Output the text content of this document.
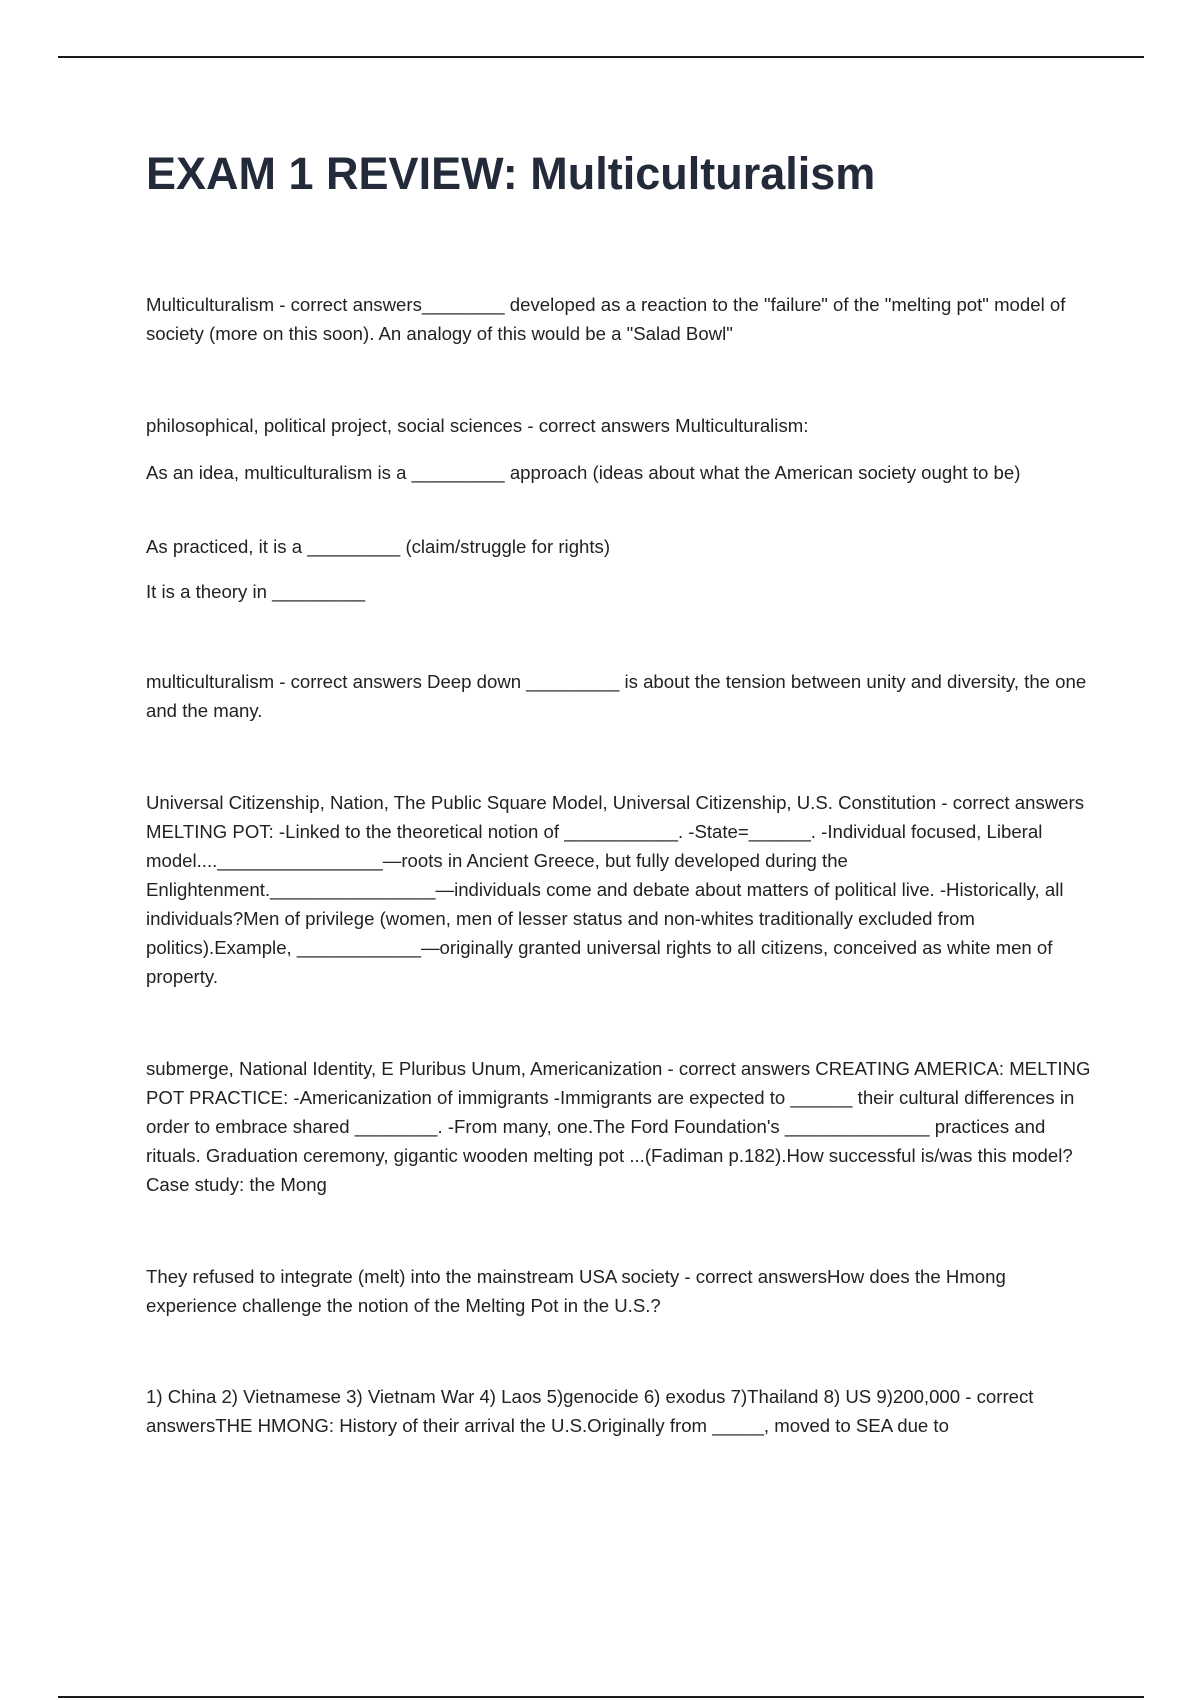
EXAM 1 REVIEW: Multiculturalism

Multiculturalism - correct answers________ developed as a reaction to the "failure" of the "melting pot" model of society (more on this soon). An analogy of this would be a "Salad Bowl"

philosophical, political project, social sciences - correct answers Multiculturalism:

As an idea, multiculturalism is a _________ approach (ideas about what the American society ought to be)

As practiced, it is a _________ (claim/struggle for rights)

It is a theory in _________

multiculturalism - correct answers Deep down _________ is about the tension between unity and diversity, the one and the many.

Universal Citizenship, Nation, The Public Square Model, Universal Citizenship, U.S. Constitution - correct answers MELTING POT: -Linked to the theoretical notion of ___________. -State=______. -Individual focused, Liberal model....________________—roots in Ancient Greece, but fully developed during the Enlightenment.________________—individuals come and debate about matters of political live. -Historically, all individuals?Men of privilege (women, men of lesser status and non-whites traditionally excluded from politics).Example, ____________—originally granted universal rights to all citizens, conceived as white men of property.

submerge, National Identity, E Pluribus Unum, Americanization - correct answers CREATING AMERICA: MELTING POT PRACTICE: -Americanization of immigrants -Immigrants are expected to ______ their cultural differences in order to embrace shared ________. -From many, one.The Ford Foundation's ______________ practices and rituals. Graduation ceremony, gigantic wooden melting pot ...(Fadiman p.182).How successful is/was this model?Case study: the Mong

They refused to integrate (melt) into the mainstream USA society - correct answersHow does the Hmong experience challenge the notion of the Melting Pot in the U.S.?

1) China 2) Vietnamese 3) Vietnam War 4) Laos 5)genocide 6) exodus 7)Thailand 8) US 9)200,000 - correct answersTHE HMONG: History of their arrival the U.S.Originally from _____, moved to SEA due to
